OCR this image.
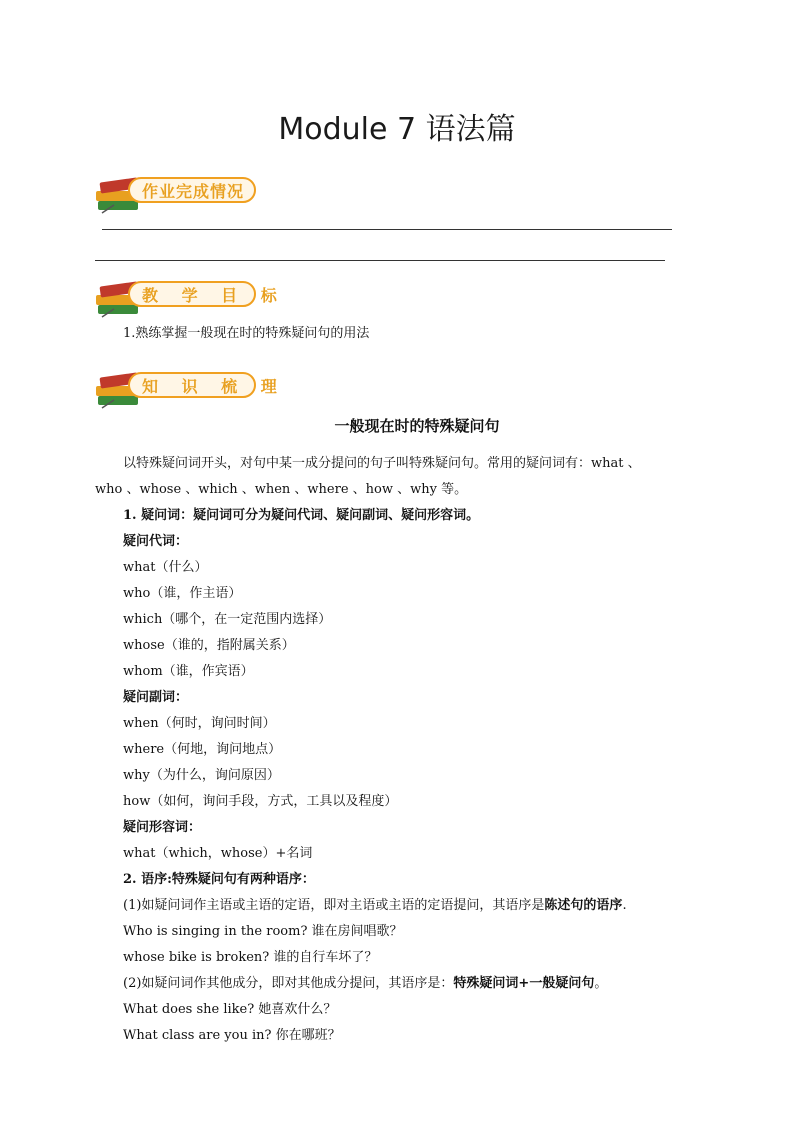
Module 7 语法篇
作业完成情况
教 学 目 标
1.熟练掌握一般现在时的特殊疑问句的用法
知 识 梳 理
一般现在时的特殊疑问句
以特殊疑问词开头，对句中某一成分提问的句子叫特殊疑问句。常用的疑问词有：what 、
who 、whose 、which 、when 、where 、how 、why 等。
1. 疑问词：疑问词可分为疑问代词、疑问副词、疑问形容词。
疑问代词：
what（什么）
who（谁，作主语）
which（哪个，在一定范围内选择）
whose（谁的，指附属关系）
whom（谁，作宾语）
疑问副词：
when（何时，询问时间）
where（何地，询问地点）
why（为什么，询问原因）
how（如何，询问手段，方式，工具以及程度）
疑问形容词：
what（which，whose）+名词
2. 语序:特殊疑问句有两种语序：
(1)如疑问词作主语或主语的定语，即对主语或主语的定语提问，其语序是陈述句的语序.
Who is singing in the room? 谁在房间唱歌？
whose bike is broken? 谁的自行车坏了？
(2)如疑问词作其他成分，即对其他成分提问，其语序是：特殊疑问词+一般疑问句。
What does she like? 她喜欢什么？
What class are you in? 你在哪班？
